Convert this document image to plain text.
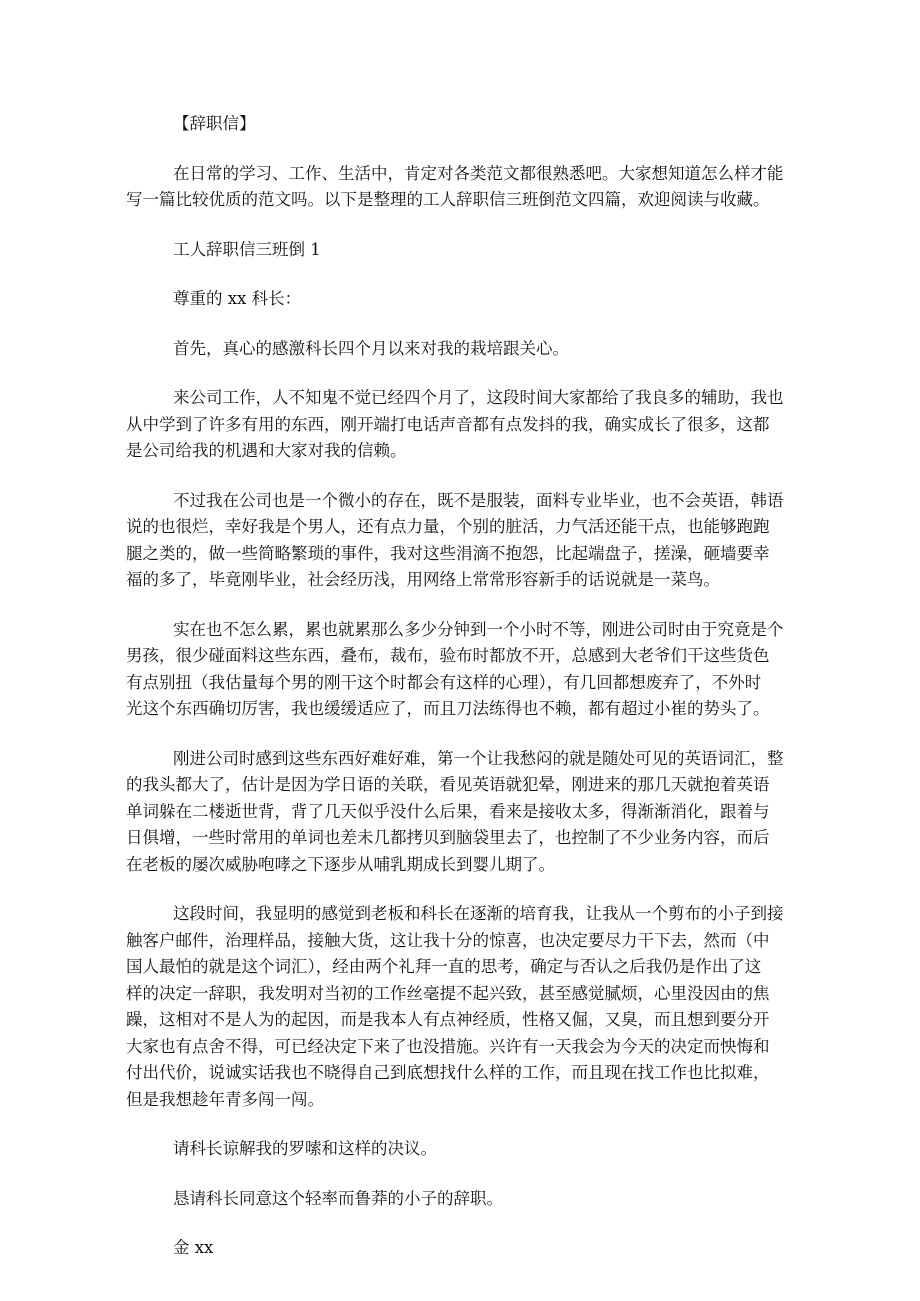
【辞职信】

在日常的学习、工作、生活中，肯定对各类范文都很熟悉吧。大家想知道怎么样才能

写一篇比较优质的范文吗。以下是整理的工人辞职信三班倒范文四篇，欢迎阅读与收藏。

工人辞职信三班倒 1

尊重的 xx 科长：

首先，真心的感激科长四个月以来对我的栽培跟关心。

来公司工作，人不知鬼不觉已经四个月了，这段时间大家都给了我良多的辅助，我也

从中学到了许多有用的东西，刚开端打电话声音都有点发抖的我，确实成长了很多，这都

是公司给我的机遇和大家对我的信赖。

不过我在公司也是一个微小的存在，既不是服装，面料专业毕业，也不会英语，韩语

说的也很烂，幸好我是个男人，还有点力量，个别的脏活，力气活还能干点，也能够跑跑

腿之类的，做一些简略繁琐的事件，我对这些涓滴不抱怨，比起端盘子，搓澡，砸墙要幸

福的多了，毕竟刚毕业，社会经历浅，用网络上常常形容新手的话说就是一菜鸟。

实在也不怎么累，累也就累那么多少分钟到一个小时不等，刚进公司时由于究竟是个

男孩，很少碰面料这些东西，叠布，裁布，验布时都放不开，总感到大老爷们干这些货色

有点别扭（我估量每个男的刚干这个时都会有这样的心理），有几回都想废弃了，不外时

光这个东西确切厉害，我也缓缓适应了，而且刀法练得也不赖，都有超过小崔的势头了。

刚进公司时感到这些东西好难好难，第一个让我愁闷的就是随处可见的英语词汇，整

的我头都大了，估计是因为学日语的关联，看见英语就犯晕，刚进来的那几天就抱着英语

单词躲在二楼逝世背，背了几天似乎没什么后果，看来是接收太多，得渐渐消化，跟着与

日俱增，一些时常用的单词也差未几都拷贝到脑袋里去了，也控制了不少业务内容，而后

在老板的屡次威胁咆哮之下逐步从哺乳期成长到婴儿期了。

这段时间，我显明的感觉到老板和科长在逐渐的培育我，让我从一个剪布的小子到接

触客户邮件，治理样品，接触大货，这让我十分的惊喜，也决定要尽力干下去，然而（中

国人最怕的就是这个词汇），经由两个礼拜一直的思考，确定与否认之后我仍是作出了这

样的决定一辞职，我发明对当初的工作丝毫提不起兴致，甚至感觉腻烦，心里没因由的焦

躁，这相对不是人为的起因，而是我本人有点神经质，性格又倔，又臭，而且想到要分开

大家也有点舍不得，可已经决定下来了也没措施。兴许有一天我会为今天的决定而怏悔和

付出代价，说诚实话我也不晓得自己到底想找什么样的工作，而且现在找工作也比拟难，

但是我想趁年青多闯一闯。

请科长谅解我的罗嗦和这样的决议。

恳请科长同意这个轻率而鲁莽的小子的辞职。

金 xx
